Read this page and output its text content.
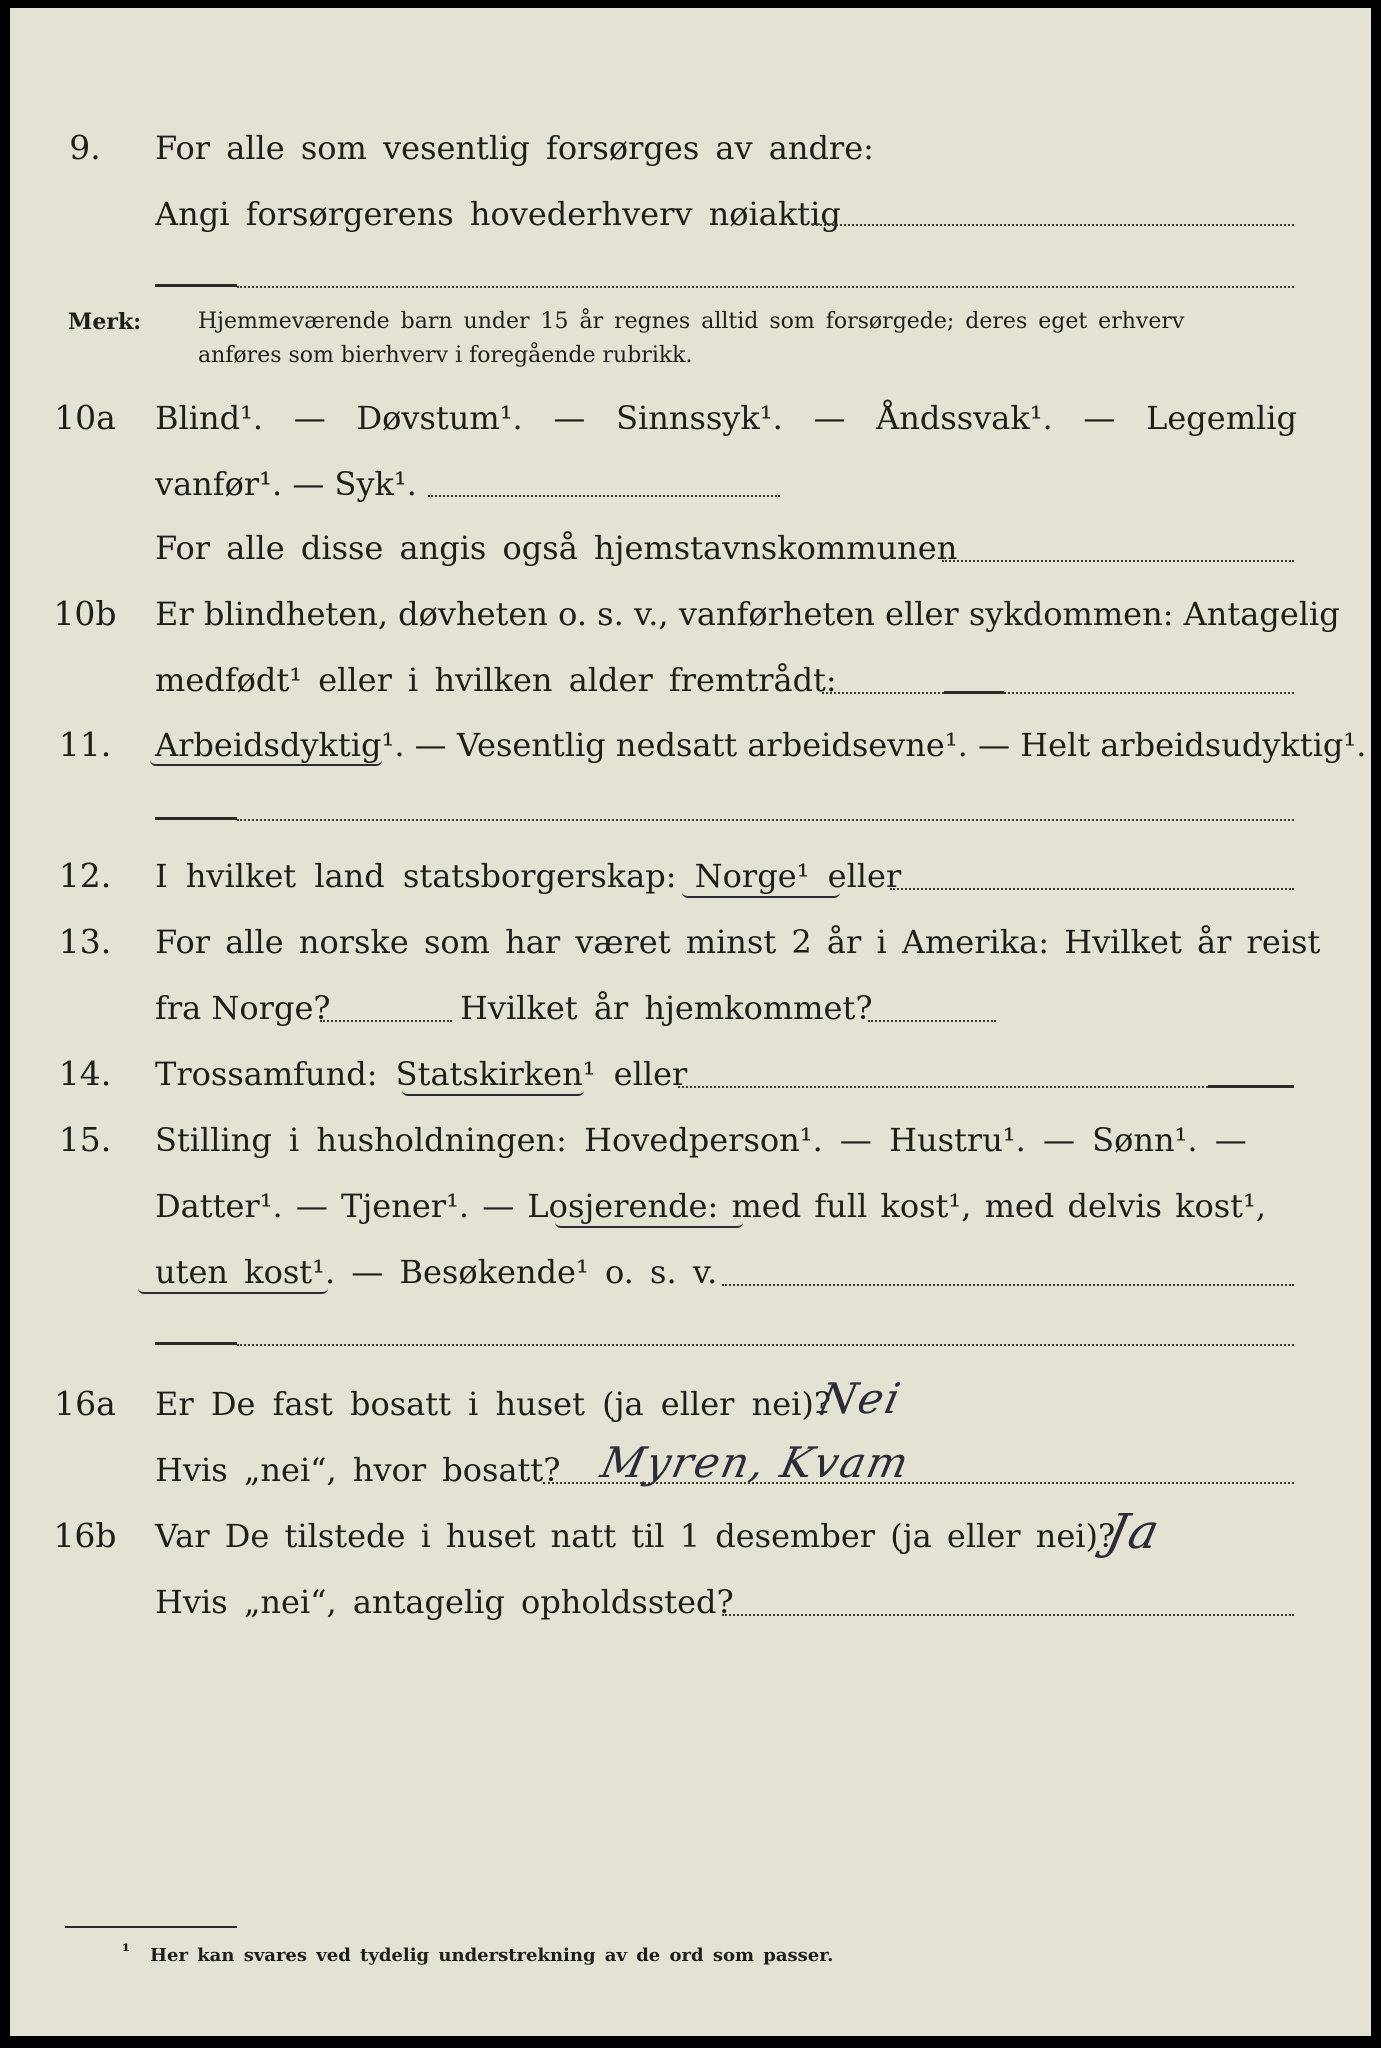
9.	For alle som vesentlig forsørges av andre:
Angi forsørgerens hovederhverv nøiaktig
Merk:	Hjemmeværende barn under 15 år regnes alltid som forsørgede; deres eget erhverv
anføres som bierhverv i foregående rubrikk.
10a	Blind¹. — Døvstum¹. — Sinnssyk¹. — Åndssvak¹. — Legemlig
vanfør¹. — Syk¹.
For alle disse angis også hjemstavnskommunen
10b	Er blindheten, døvheten o. s. v., vanførheten eller sykdommen: Antagelig
medfødt¹ eller i hvilken alder fremtrådt:
11.	Arbeidsdyktig¹. — Vesentlig nedsatt arbeidsevne¹. — Helt arbeidsudyktig¹.
12.	I hvilket land statsborgerskap: Norge¹ eller
13.	For alle norske som har været minst 2 år i Amerika: Hvilket år reist
fra Norge?	Hvilket år hjemkommet?
14.	Trossamfund: Statskirken¹ eller
15.	Stilling i husholdningen: Hovedperson¹. — Hustru¹. — Sønn¹. —
Datter¹. — Tjener¹. — Losjerende: med full kost¹, med delvis kost¹,
uten kost¹. — Besøkende¹ o. s. v.
16a	Er De fast bosatt i huset (ja eller nei)?
Nei
Hvis „nei“, hvor bosatt? Myren, Kvam
16b	Var De tilstede i huset natt til 1 desember (ja eller nei)?
Ja
Hvis „nei“, antagelig opholdssted?
¹ Her kan svares ved tydelig understrekning av de ord som passer.
